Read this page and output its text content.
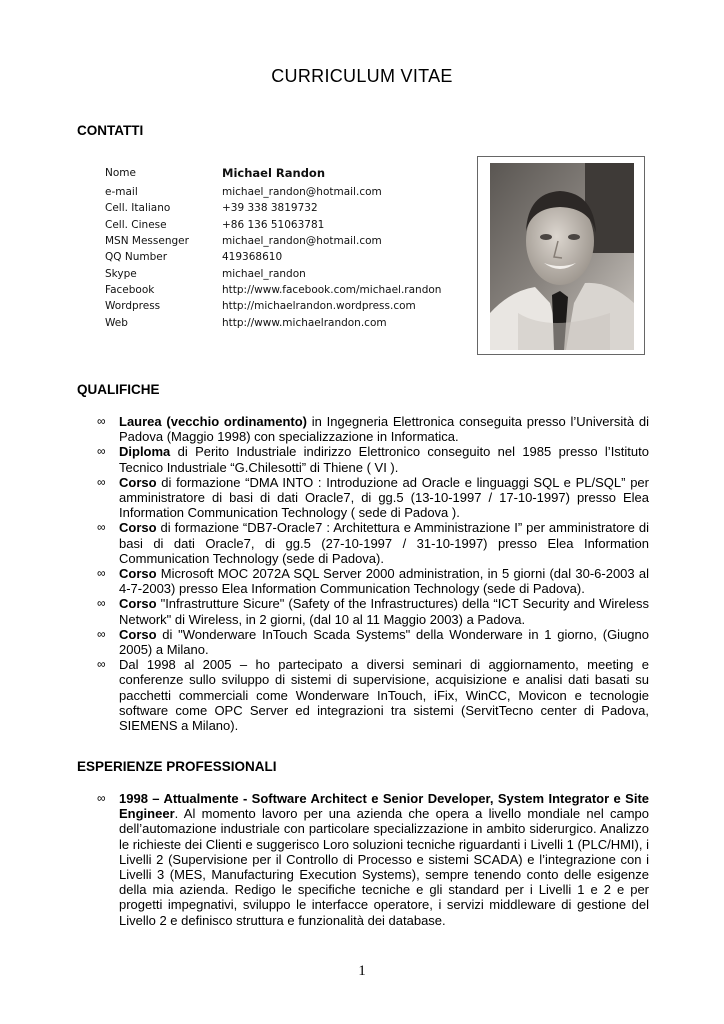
CURRICULUM VITAE
CONTATTI
Nome	Michael Randon
e-mail	michael_randon@hotmail.com
Cell. Italiano	+39 338 3819732
Cell. Cinese	+86 136 51063781
MSN Messenger	michael_randon@hotmail.com
QQ Number	419368610
Skype	michael_randon
Facebook	http://www.facebook.com/michael.randon
Wordpress	http://michaelrandon.wordpress.com
Web	http://www.michaelrandon.com
QUALIFICHE
∞ Laurea (vecchio ordinamento) in Ingegneria Elettronica conseguita presso l’Università di Padova (Maggio 1998) con specializzazione in Informatica.
∞ Diploma di Perito Industriale indirizzo Elettronico conseguito nel 1985 presso l’Istituto Tecnico Industriale “G.Chilesotti” di Thiene ( VI ).
∞ Corso di formazione “DMA INTO : Introduzione ad Oracle e linguaggi SQL e PL/SQL” per amministratore di basi di dati Oracle7, di gg.5 (13-10-1997 / 17-10-1997) presso Elea Information Communication Technology ( sede di Padova ).
∞ Corso di formazione “DB7-Oracle7 : Architettura e Amministrazione I” per amministratore di basi di dati Oracle7, di gg.5 (27-10-1997 / 31-10-1997) presso Elea Information Communication Technology (sede di Padova).
∞ Corso Microsoft MOC 2072A SQL Server 2000 administration, in 5 giorni (dal 30-6-2003 al 4-7-2003) presso Elea Information Communication Technology (sede di Padova).
∞ Corso "Infrastrutture Sicure" (Safety of the Infrastructures) della “ICT Security and Wireless Network" di Wireless, in 2 giorni, (dal 10 al 11 Maggio 2003) a Padova.
∞ Corso di "Wonderware InTouch Scada Systems" della Wonderware in 1 giorno, (Giugno 2005) a Milano.
∞ Dal 1998 al 2005 – ho partecipato a diversi seminari di aggiornamento, meeting e conferenze sullo sviluppo di sistemi di supervisione, acquisizione e analisi dati basati su pacchetti commerciali come Wonderware InTouch, iFix, WinCC, Movicon e tecnologie software come OPC Server ed integrazioni tra sistemi (ServitTecno center di Padova, SIEMENS a Milano).
ESPERIENZE PROFESSIONALI
∞ 1998 – Attualmente - Software Architect e Senior Developer, System Integrator e Site Engineer. Al momento lavoro per una azienda che opera a livello mondiale nel campo dell’automazione industriale con particolare specializzazione in ambito siderurgico. Analizzo le richieste dei Clienti e suggerisco Loro soluzioni tecniche riguardanti i Livelli 1 (PLC/HMI), i Livelli 2 (Supervisione per il Controllo di Processo e sistemi SCADA) e l’integrazione con i Livelli 3 (MES, Manufacturing Execution Systems), sempre tenendo conto delle esigenze della mia azienda. Redigo le specifiche tecniche e gli standard per i Livelli 1 e 2 e per progetti impegnativi, sviluppo le interfacce operatore, i servizi middleware di gestione del Livello 2 e definisco struttura e funzionalità dei database.
1
